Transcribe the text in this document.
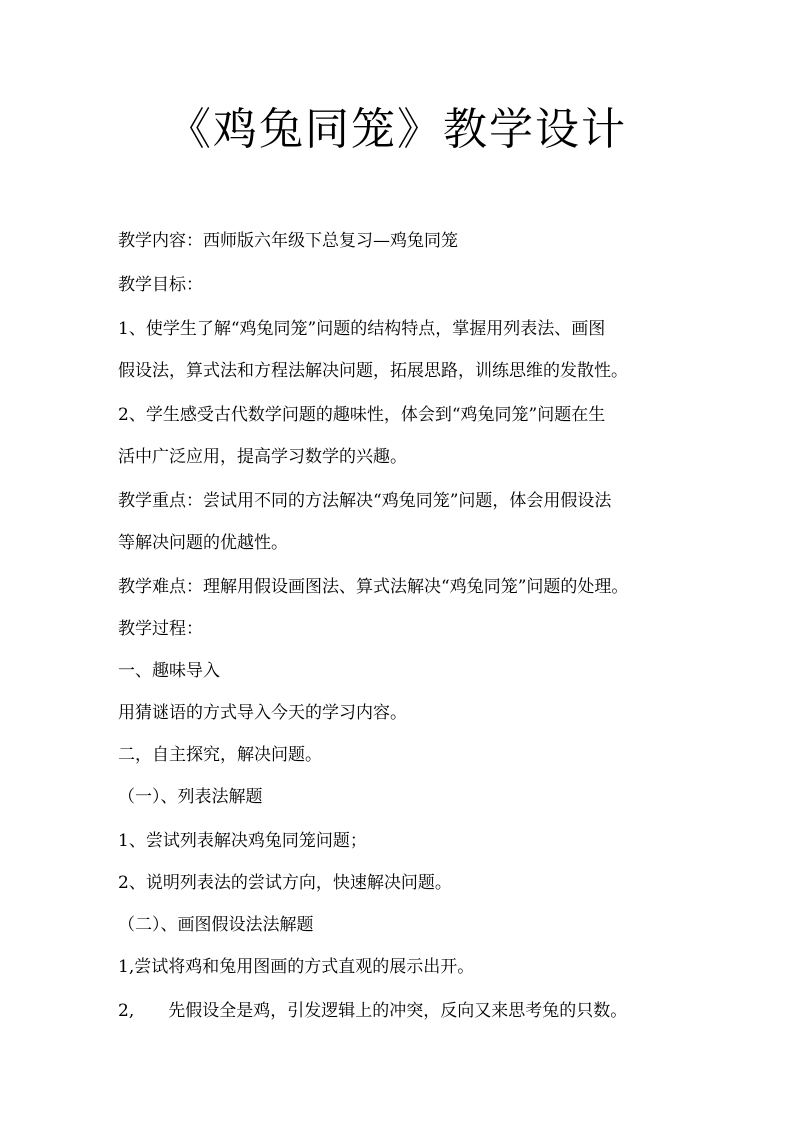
《鸡兔同笼》教学设计
教学内容：西师版六年级下总复习—鸡兔同笼
教学目标：
1、使学生了解“鸡兔同笼”问题的结构特点，掌握用列表法、画图
假设法，算式法和方程法解决问题，拓展思路，训练思维的发散性。
2、学生感受古代数学问题的趣味性，体会到“鸡兔同笼”问题在生
活中广泛应用，提高学习数学的兴趣。
教学重点：尝试用不同的方法解决“鸡兔同笼”问题，体会用假设法
等解决问题的优越性。
教学难点：理解用假设画图法、算式法解决“鸡兔同笼”问题的处理。
教学过程：
一、趣味导入
用猜谜语的方式导入今天的学习内容。
二，自主探究，解决问题。
（一）、列表法解题
1、尝试列表解决鸡兔同笼问题；
2、说明列表法的尝试方向，快速解决问题。
（二）、画图假设法法解题
1,尝试将鸡和兔用图画的方式直观的展示出开。
2, 先假设全是鸡，引发逻辑上的冲突，反向又来思考兔的只数。
